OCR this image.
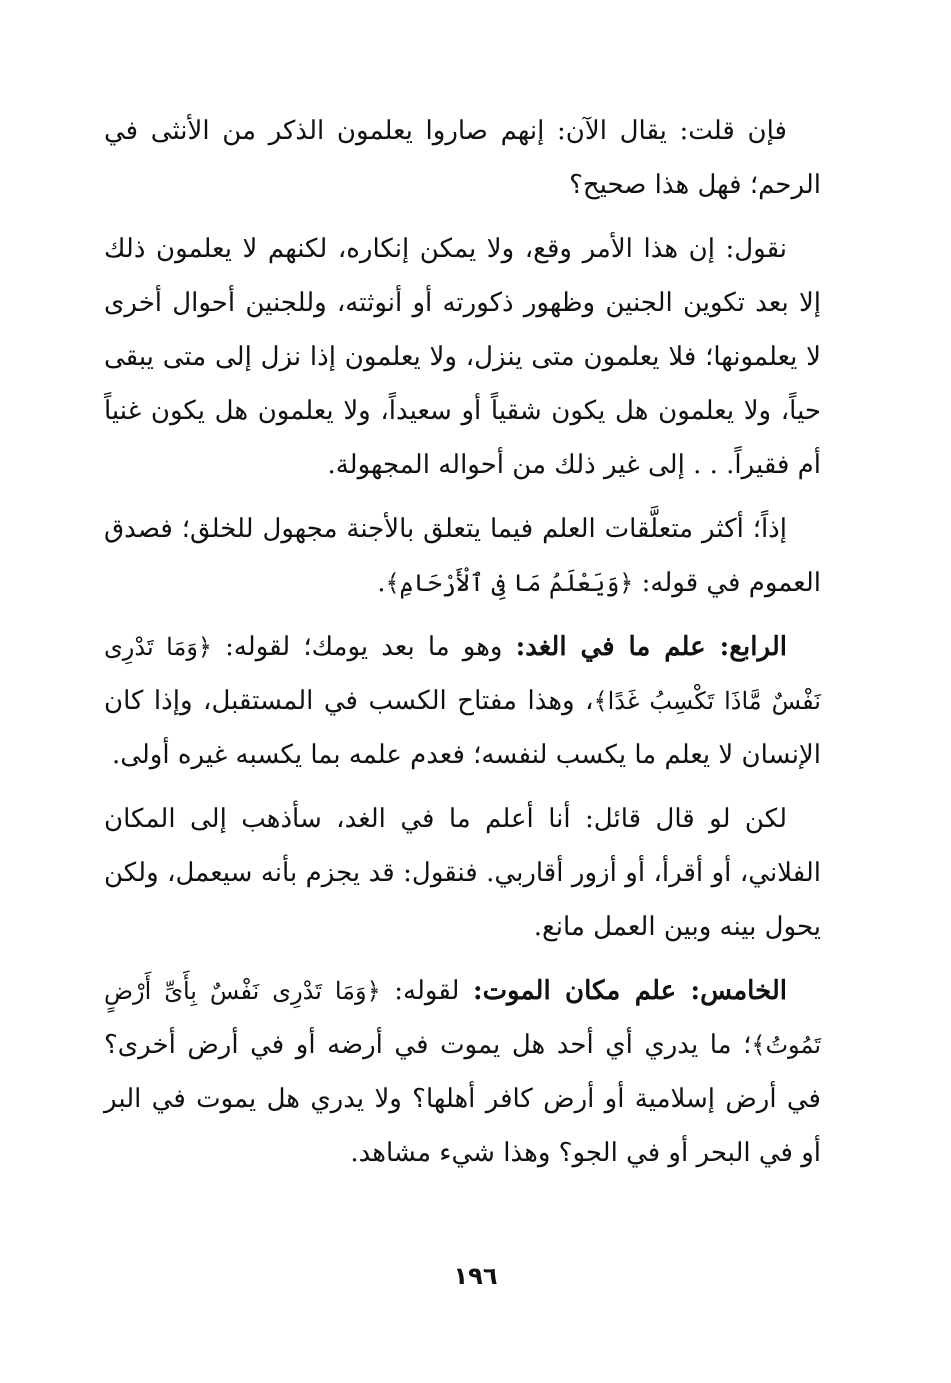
فإن قلت: يقال الآن: إنهم صاروا يعلمون الذكر من الأنثى في الرحم؛ فهل هذا صحيح؟

نقول: إن هذا الأمر وقع، ولا يمكن إنكاره، لكنهم لا يعلمون ذلك إلا بعد تكوين الجنين وظهور ذكورته أو أنوثته، وللجنين أحوال أخرى لا يعلمونها؛ فلا يعلمون متى ينزل، ولا يعلمون إذا نزل إلى متى يبقى حياً، ولا يعلمون هل يكون شقياً أو سعيداً، ولا يعلمون هل يكون غنياً أم فقيراً. . . إلى غير ذلك من أحواله المجهولة.

إذاً؛ أكثر متعلَّقات العلم فيما يتعلق بالأجنة مجهول للخلق؛ فصدق العموم في قوله: ﴿وَيَعْلَمُ مَا فِى ٱلْأَرْحَامِ﴾.

الرابع: علم ما في الغد: وهو ما بعد يومك؛ لقوله: ﴿وَمَا تَدْرِى نَفْسٌ مَّاذَا تَكْسِبُ غَدًا﴾، وهذا مفتاح الكسب في المستقبل، وإذا كان الإنسان لا يعلم ما يكسب لنفسه؛ فعدم علمه بما يكسبه غيره أولى.

لكن لو قال قائل: أنا أعلم ما في الغد، سأذهب إلى المكان الفلاني، أو أقرأ، أو أزور أقاربي. فنقول: قد يجزم بأنه سيعمل، ولكن يحول بينه وبين العمل مانع.

الخامس: علم مكان الموت: لقوله: ﴿وَمَا تَدْرِى نَفْسٌ بِأَىِّ أَرْضٍ تَمُوتُ﴾؛ ما يدري أي أحد هل يموت في أرضه أو في أرض أخرى؟ في أرض إسلامية أو أرض كافر أهلها؟ ولا يدري هل يموت في البر أو في البحر أو في الجو؟ وهذا شيء مشاهد.

١٩٦
